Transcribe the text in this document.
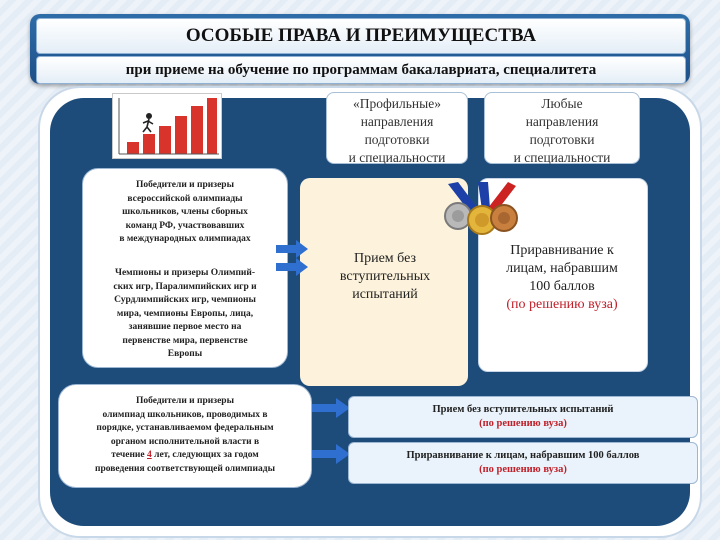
ОСОБЫЕ ПРАВА И ПРЕИМУЩЕСТВА
при приеме на обучение по программам бакалавриата, специалитета
«Профильные»
направления
подготовки
и специальности
Любые
направления
подготовки
и специальности
Прием без
вступительных
испытаний
Приравнивание к
лицам, набравшим
100 баллов
(по решению вуза)
Победители и призеры
всероссийской олимпиады
школьников, члены сборных
команд РФ, участвовавших
в международных олимпиадах
Чемпионы и призеры Олимпий-
ских игр, Паралимпийских игр и
Сурдлимпийских игр, чемпионы
мира, чемпионы Европы, лица,
занявшие первое место на
первенстве мира, первенстве
Европы
Победители и призеры
олимпиад школьников, проводимых в
порядке, устанавливаемом федеральным
органом исполнительной власти в
течение 4 лет, следующих за годом
проведения соответствующей олимпиады
Прием без вступительных испытаний
(по решению вуза)
Приравнивание к лицам, набравшим 100 баллов
(по решению вуза)
